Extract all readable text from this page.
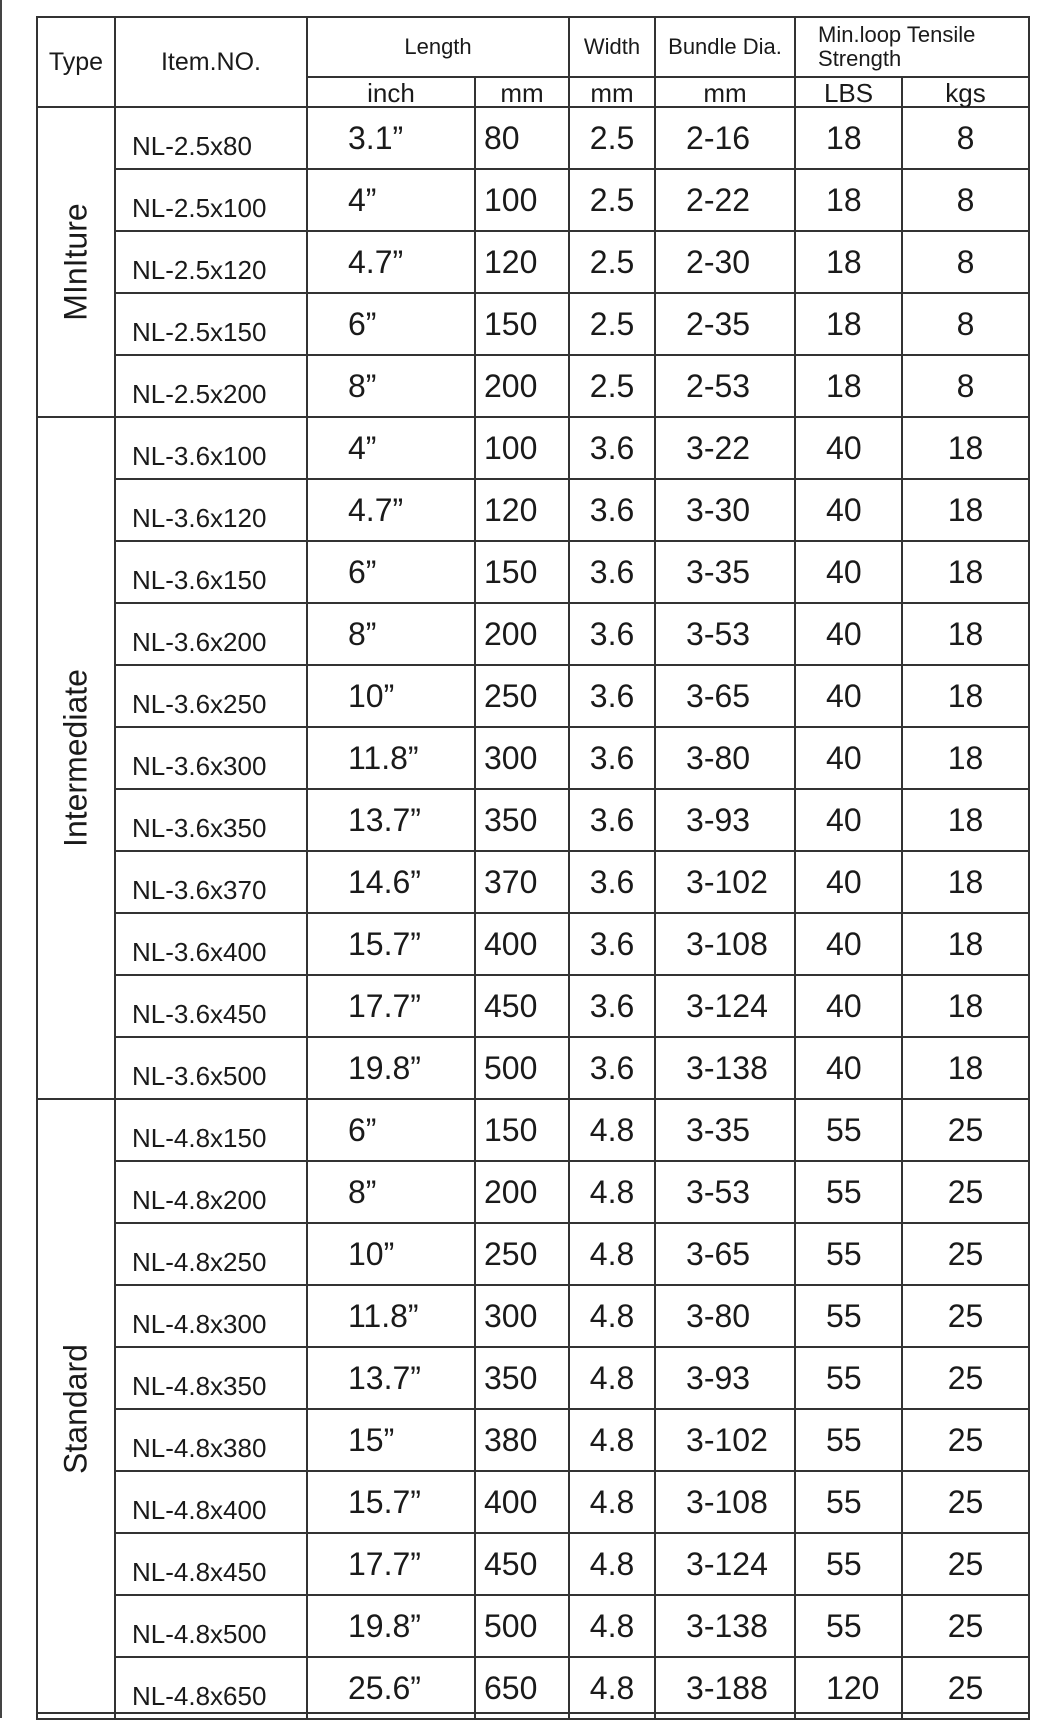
Type	Item.NO.	Length		Width	Bundle Dia.	Min.loop Tensile Strength	
		inch	mm	mm	mm	LBS	kgs

MInIture	NL-2.5x80	3.1”	80	2.5	2-16	18	8
	NL-2.5x100	4”	100	2.5	2-22	18	8
	NL-2.5x120	4.7”	120	2.5	2-30	18	8
	NL-2.5x150	6”	150	2.5	2-35	18	8
	NL-2.5x200	8”	200	2.5	2-53	18	8

Intermediate	NL-3.6x100	4”	100	3.6	3-22	40	18
	NL-3.6x120	4.7”	120	3.6	3-30	40	18
	NL-3.6x150	6”	150	3.6	3-35	40	18
	NL-3.6x200	8”	200	3.6	3-53	40	18
	NL-3.6x250	10”	250	3.6	3-65	40	18
	NL-3.6x300	11.8”	300	3.6	3-80	40	18
	NL-3.6x350	13.7”	350	3.6	3-93	40	18
	NL-3.6x370	14.6”	370	3.6	3-102	40	18
	NL-3.6x400	15.7”	400	3.6	3-108	40	18
	NL-3.6x450	17.7”	450	3.6	3-124	40	18
	NL-3.6x500	19.8”	500	3.6	3-138	40	18

Standard	NL-4.8x150	6”	150	4.8	3-35	55	25
	NL-4.8x200	8”	200	4.8	3-53	55	25
	NL-4.8x250	10”	250	4.8	3-65	55	25
	NL-4.8x300	11.8”	300	4.8	3-80	55	25
	NL-4.8x350	13.7”	350	4.8	3-93	55	25
	NL-4.8x380	15”	380	4.8	3-102	55	25
	NL-4.8x400	15.7”	400	4.8	3-108	55	25
	NL-4.8x450	17.7”	450	4.8	3-124	55	25
	NL-4.8x500	19.8”	500	4.8	3-138	55	25
	NL-4.8x650	25.6”	650	4.8	3-188	120	25
